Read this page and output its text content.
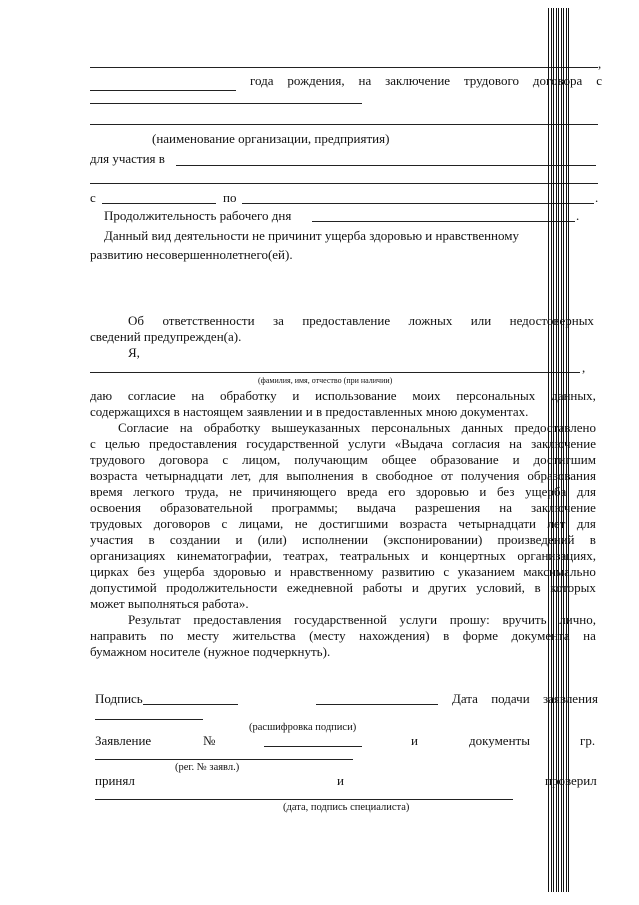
,
года рождения, на заключение трудового договора с
(наименование организации, предприятия)
для участия в
с	по	.
Продолжительность рабочего дня	.
Данный вид деятельности не причинит ущерба здоровью и нравственному
развитию несовершеннолетнего(ей).
Об ответственности за предоставление ложных или недостоверных
сведений предупрежден(а).
Я,
,
(фамилия, имя, отчество (при наличии)
даю согласие на обработку и использование моих персональных данных,
содержащихся в настоящем заявлении и в предоставленных мною документах.
Согласие на обработку вышеуказанных персональных данных предоставлено
с целью предоставления государственной услуги «Выдача согласия на заключение
трудового договора с лицом, получающим общее образование и достигшим
возраста четырнадцати лет, для выполнения в свободное от получения образования
время легкого труда, не причиняющего вреда его здоровью и без ущерба для
освоения образовательной программы; выдача разрешения на заключение
трудовых договоров с лицами, не достигшими возраста четырнадцати лет для
участия в создании и (или) исполнении (экспонировании) произведений в
организациях кинематографии, театрах, театральных и концертных организациях,
цирках без ущерба здоровью и нравственному развитию с указанием максимально
допустимой продолжительности ежедневной работы и других условий, в которых
может выполняться работа».
Результат предоставления государственной услуги прошу: вручить лично,
направить по месту жительства (месту нахождения) в форме документа на
бумажном носителе (нужное подчеркнуть).
Подпись	Дата подачи заявления
(расшифровка подписи)
Заявление	№	и	документы	гр.
(рег. № заявл.)
принял	и	проверил
(дата, подпись специалиста)
